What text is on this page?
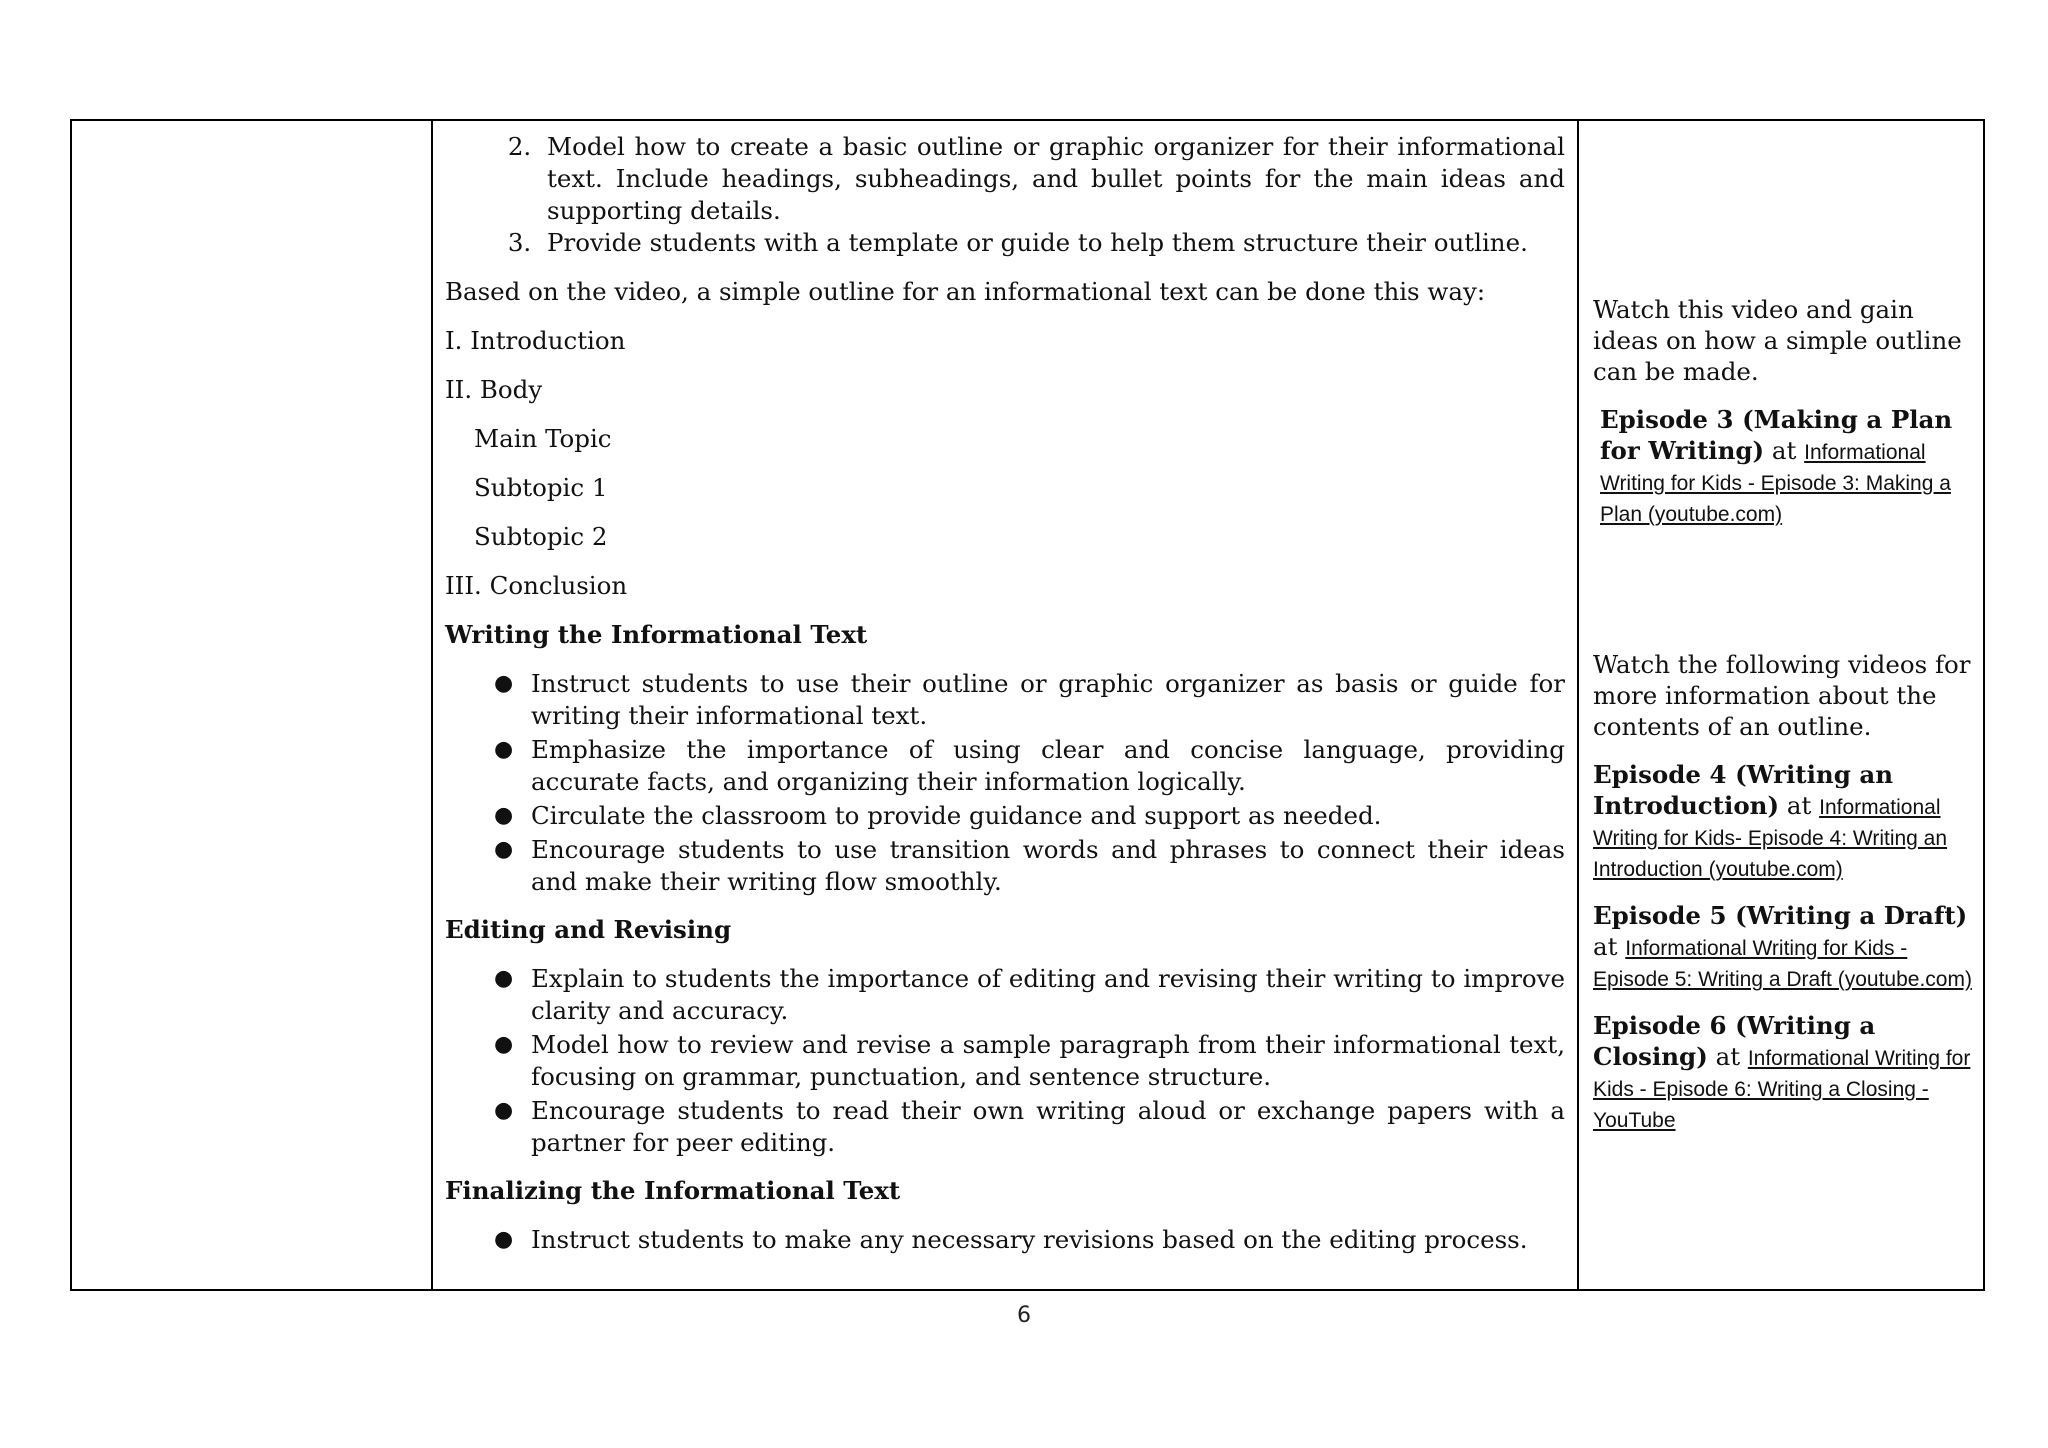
2. Model how to create a basic outline or graphic organizer for their informational text. Include headings, subheadings, and bullet points for the main ideas and supporting details.
3. Provide students with a template or guide to help them structure their outline.

Based on the video, a simple outline for an informational text can be done this way:

I. Introduction

II. Body

Main Topic

Subtopic 1

Subtopic 2

III. Conclusion

Writing the Informational Text

● Instruct students to use their outline or graphic organizer as basis or guide for writing their informational text.
● Emphasize the importance of using clear and concise language, providing accurate facts, and organizing their information logically.
● Circulate the classroom to provide guidance and support as needed.
● Encourage students to use transition words and phrases to connect their ideas and make their writing flow smoothly.

Editing and Revising

● Explain to students the importance of editing and revising their writing to improve clarity and accuracy.
● Model how to review and revise a sample paragraph from their informational text, focusing on grammar, punctuation, and sentence structure.
● Encourage students to read their own writing aloud or exchange papers with a partner for peer editing.

Finalizing the Informational Text

● Instruct students to make any necessary revisions based on the editing process.

Watch this video and gain ideas on how a simple outline can be made.

Episode 3 (Making a Plan for Writing) at Informational Writing for Kids - Episode 3: Making a Plan (youtube.com)

Watch the following videos for more information about the contents of an outline.

Episode 4 (Writing an Introduction) at Informational Writing for Kids- Episode 4: Writing an Introduction (youtube.com)

Episode 5 (Writing a Draft) at Informational Writing for Kids - Episode 5: Writing a Draft (youtube.com)

Episode 6 (Writing a Closing) at Informational Writing for Kids - Episode 6: Writing a Closing - YouTube

6
